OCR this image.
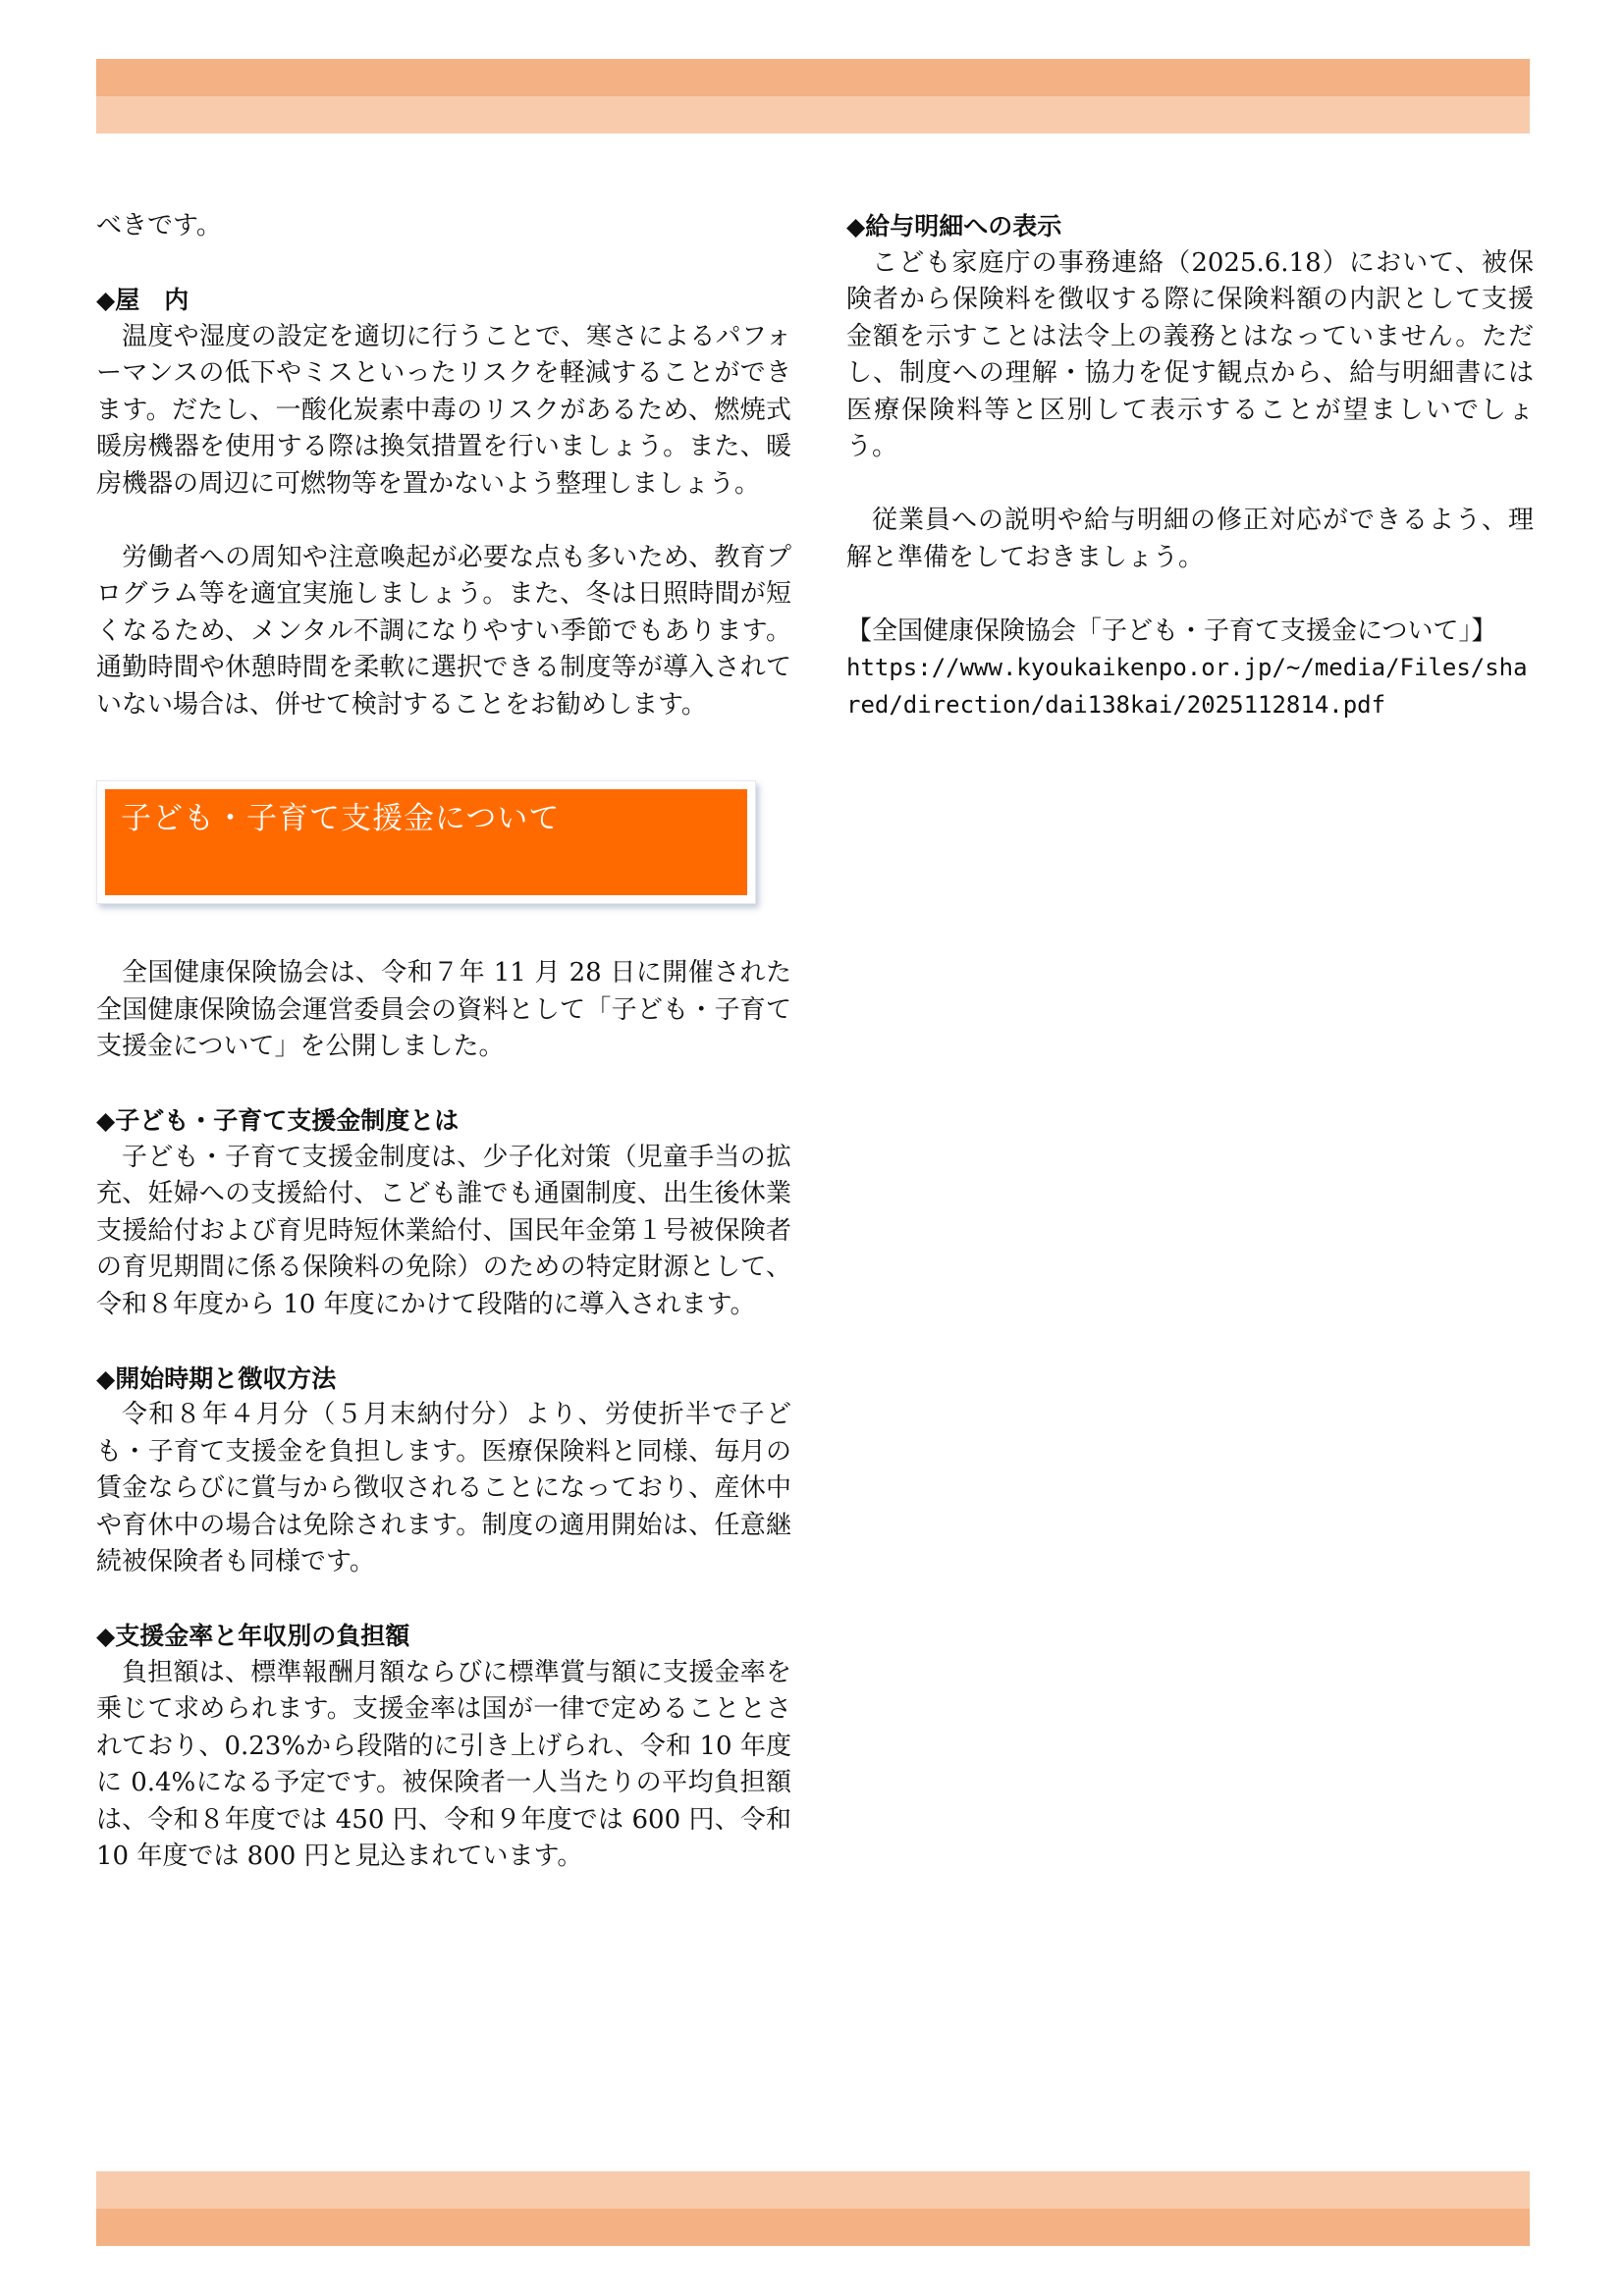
べきです。

◆屋　内

温度や湿度の設定を適切に行うことで、寒さによるパフォーマンスの低下やミスといったリスクを軽減することができます。だたし、一酸化炭素中毒のリスクがあるため、燃焼式暖房機器を使用する際は換気措置を行いましょう。また、暖房機器の周辺に可燃物等を置かないよう整理しましょう。

労働者への周知や注意喚起が必要な点も多いため、教育プログラム等を適宜実施しましょう。また、冬は日照時間が短くなるため、メンタル不調になりやすい季節でもあります。通勤時間や休憩時間を柔軟に選択できる制度等が導入されていない場合は、併せて検討することをお勧めします。

子ども・子育て支援金について

全国健康保険協会は、令和７年 11 月 28 日に開催された全国健康保険協会運営委員会の資料として「子ども・子育て支援金について」を公開しました。

◆子ども・子育て支援金制度とは

子ども・子育て支援金制度は、少子化対策（児童手当の拡充、妊婦への支援給付、こども誰でも通園制度、出生後休業支援給付および育児時短休業給付、国民年金第１号被保険者の育児期間に係る保険料の免除）のための特定財源として、令和８年度から 10 年度にかけて段階的に導入されます。

◆開始時期と徴収方法

令和８年４月分（５月末納付分）より、労使折半で子ども・子育て支援金を負担します。医療保険料と同様、毎月の賃金ならびに賞与から徴収されることになっており、産休中や育休中の場合は免除されます。制度の適用開始は、任意継続被保険者も同様です。

◆支援金率と年収別の負担額

負担額は、標準報酬月額ならびに標準賞与額に支援金率を乗じて求められます。支援金率は国が一律で定めることとされており、0.23%から段階的に引き上げられ、令和 10 年度に 0.4%になる予定です。被保険者一人当たりの平均負担額は、令和８年度では 450 円、令和９年度では 600 円、令和 10 年度では 800 円と見込まれています。

◆給与明細への表示

こども家庭庁の事務連絡（2025.6.18）において、被保険者から保険料を徴収する際に保険料額の内訳として支援金額を示すことは法令上の義務とはなっていません。ただし、制度への理解・協力を促す観点から、給与明細書には医療保険料等と区別して表示することが望ましいでしょう。

従業員への説明や給与明細の修正対応ができるよう、理解と準備をしておきましょう。

【全国健康保険協会「子ども・子育て支援金について」】

https://www.kyoukaikenpo.or.jp/~/media/Files/shared/direction/dai138kai/2025112814.pdf
